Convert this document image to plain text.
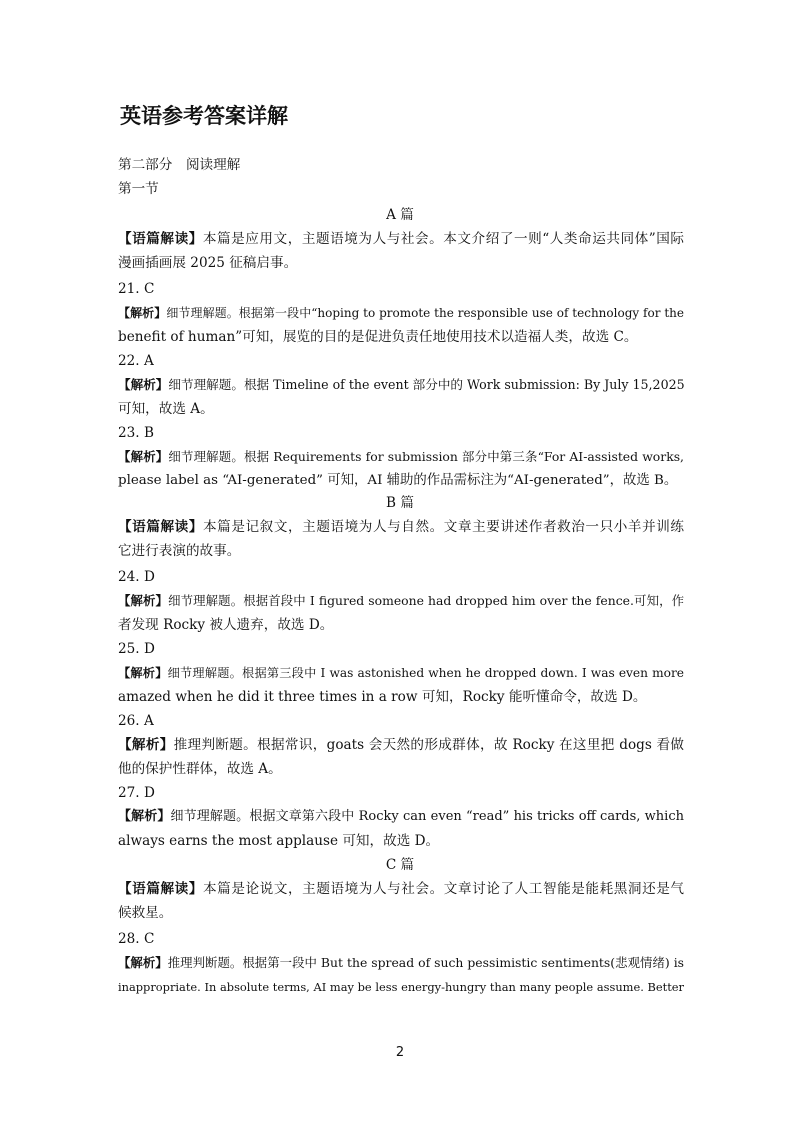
英语参考答案详解
第二部分　阅读理解
第一节
A 篇
【语篇解读】本篇是应用文，主题语境为人与社会。本文介绍了一则“人类命运共同体”国际
漫画插画展 2025 征稿启事。
21. C
【解析】细节理解题。根据第一段中“hoping to promote the responsible use of technology for the
benefit of human”可知，展览的目的是促进负责任地使用技术以造福人类，故选 C。
22. A
【解析】细节理解题。根据 Timeline of the event 部分中的 Work submission: By July 15,2025
可知，故选 A。
23. B
【解析】细节理解题。根据 Requirements for submission 部分中第三条“For AI-assisted works,
please label as “AI-generated” 可知，AI 辅助的作品需标注为“AI-generated”，故选 B。
B 篇
【语篇解读】本篇是记叙文，主题语境为人与自然。文章主要讲述作者救治一只小羊并训练
它进行表演的故事。
24. D
【解析】细节理解题。根据首段中 I figured someone had dropped him over the fence.可知，作
者发现 Rocky 被人遗弃，故选 D。
25. D
【解析】细节理解题。根据第三段中 I was astonished when he dropped down. I was even more
amazed when he did it three times in a row 可知，Rocky 能听懂命令，故选 D。
26. A
【解析】推理判断题。根据常识，goats 会天然的形成群体，故 Rocky 在这里把 dogs 看做
他的保护性群体，故选 A。
27. D
【解析】细节理解题。根据文章第六段中 Rocky can even “read” his tricks off cards, which
always earns the most applause 可知，故选 D。
C 篇
【语篇解读】本篇是论说文，主题语境为人与社会。文章讨论了人工智能是能耗黑洞还是气
候救星。
28. C
【解析】推理判断题。根据第一段中 But the spread of such pessimistic sentiments(悲观情绪) is
inappropriate. In absolute terms, AI may be less energy-hungry than many people assume. Better
2
